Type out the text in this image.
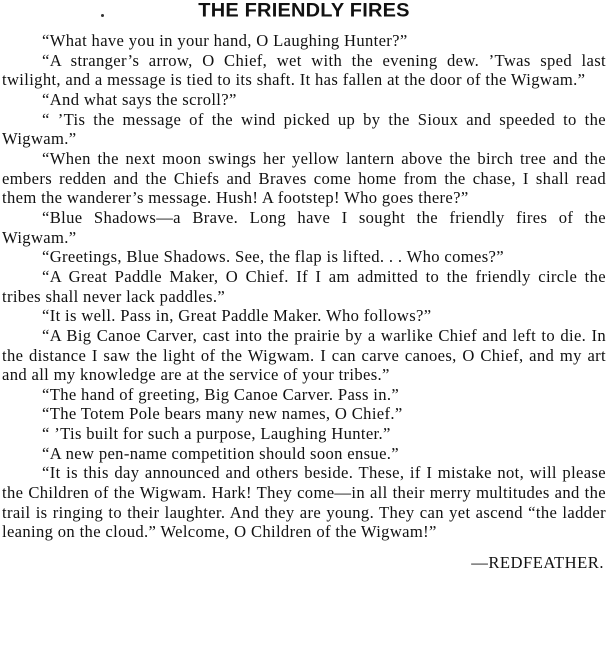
THE FRIENDLY FIRES

“What have you in your hand, O Laughing Hunter?”

“A stranger’s arrow, O Chief, wet with the evening dew. ’Twas sped last twilight, and a message is tied to its shaft. It has fallen at the door of the Wigwam.”

“And what says the scroll?”

“ ’Tis the message of the wind picked up by the Sioux and speeded to the Wigwam.”

“When the next moon swings her yellow lantern above the birch tree and the embers redden and the Chiefs and Braves come home from the chase, I shall read them the wanderer’s message. Hush! A footstep! Who goes there?”

“Blue Shadows—a Brave. Long have I sought the friendly fires of the Wigwam.”

“Greetings, Blue Shadows. See, the flap is lifted. . . Who comes?”

“A Great Paddle Maker, O Chief. If I am admitted to the friendly circle the tribes shall never lack paddles.”

“It is well. Pass in, Great Paddle Maker. Who follows?”

“A Big Canoe Carver, cast into the prairie by a warlike Chief and left to die. In the distance I saw the light of the Wigwam. I can carve canoes, O Chief, and my art and all my knowledge are at the service of your tribes.”

“The hand of greeting, Big Canoe Carver. Pass in.”

“The Totem Pole bears many new names, O Chief.”

“ ’Tis built for such a purpose, Laughing Hunter.”

“A new pen-name competition should soon ensue.”

“It is this day announced and others beside. These, if I mistake not, will please the Children of the Wigwam. Hark! They come—in all their merry multitudes and the trail is ringing to their laughter. And they are young. They can yet ascend “the ladder leaning on the cloud.” Welcome, O Children of the Wigwam!”

—REDFEATHER.
